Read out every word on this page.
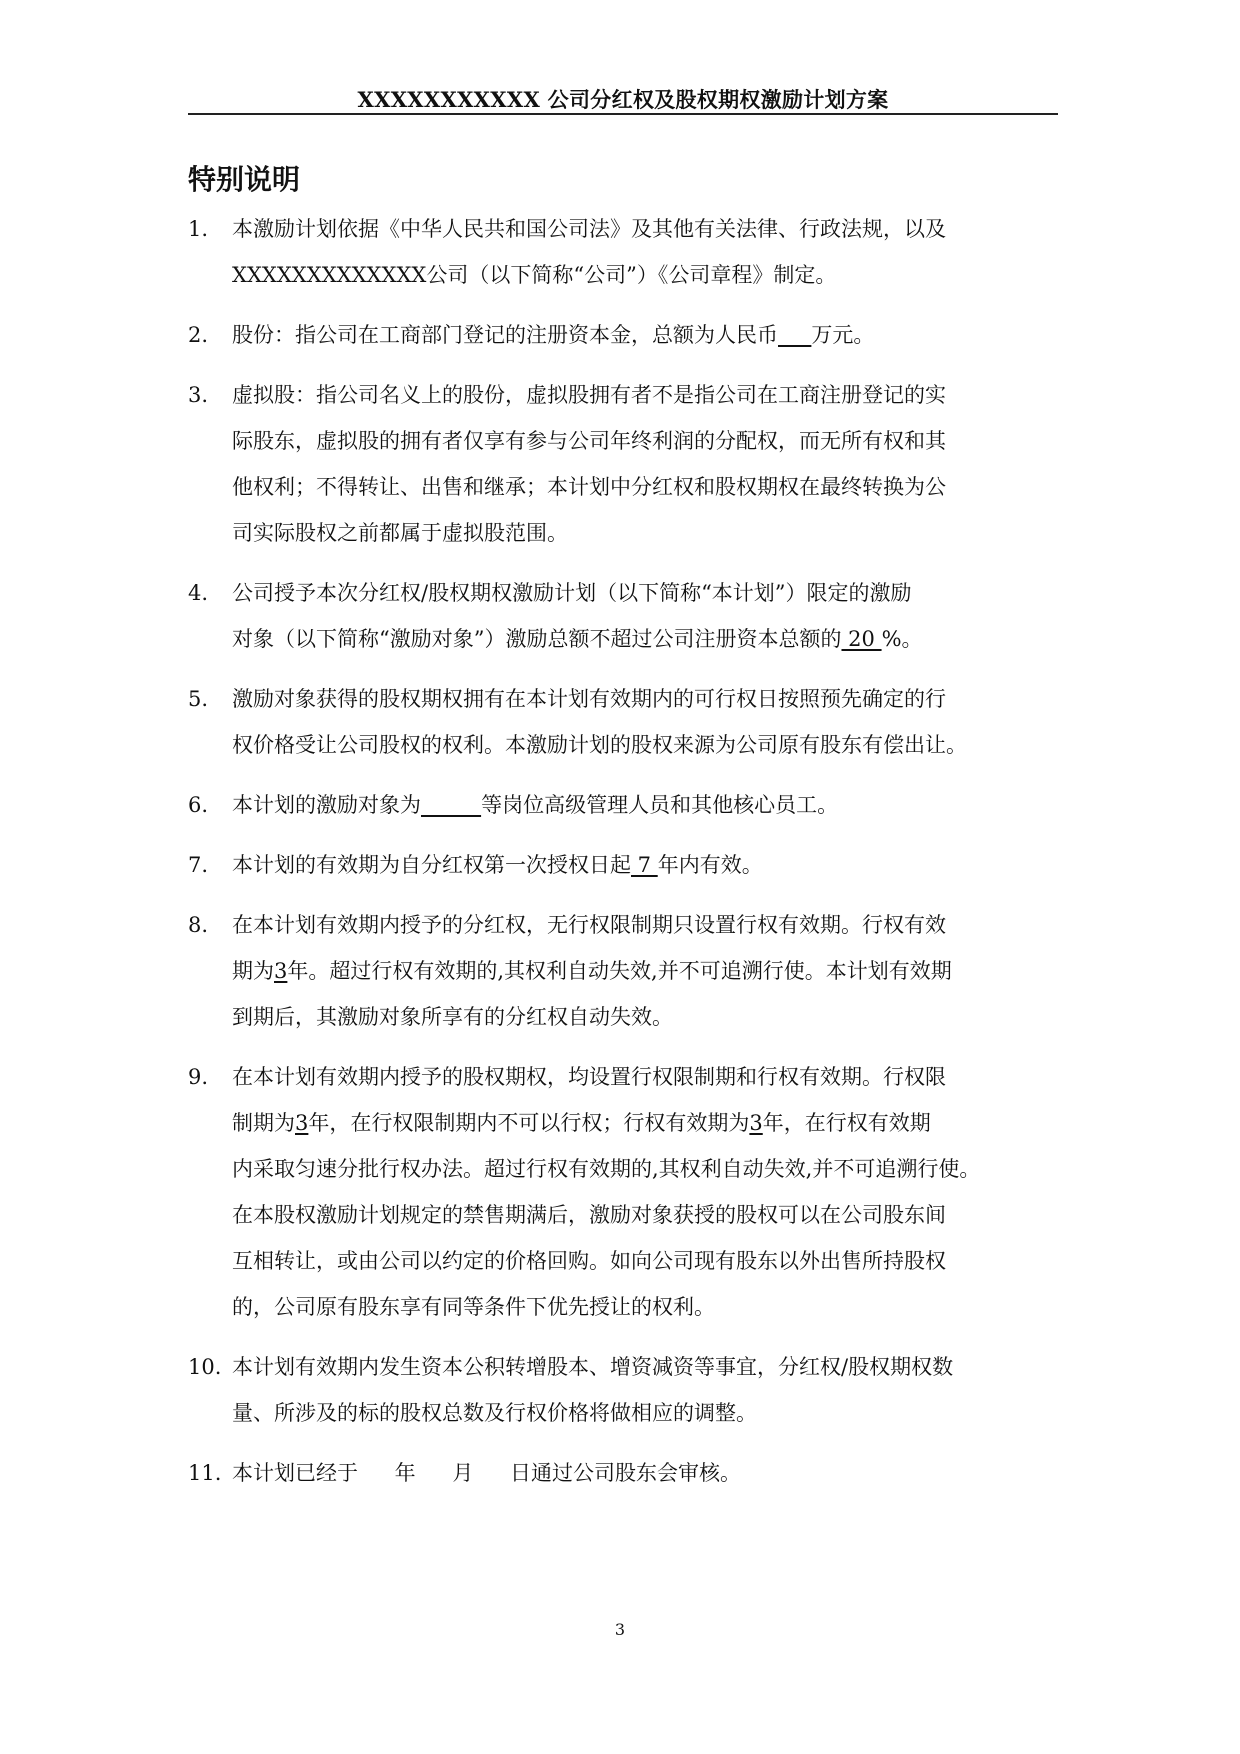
XXXXXXXXXXX 公司分红权及股权期权激励计划方案
特别说明
1. 本激励计划依据《中华人民共和国公司法》及其他有关法律、行政法规，以及
XXXXXXXXXXXXX公司（以下简称“公司”）《公司章程》制定。
2. 股份：指公司在工商部门登记的注册资本金，总额为人民币 万元。
3. 虚拟股：指公司名义上的股份，虚拟股拥有者不是指公司在工商注册登记的实
际股东，虚拟股的拥有者仅享有参与公司年终利润的分配权，而无所有权和其
他权利；不得转让、出售和继承；本计划中分红权和股权期权在最终转换为公
司实际股权之前都属于虚拟股范围。
4. 公司授予本次分红权/股权期权激励计划（以下简称“本计划”）限定的激励
对象（以下简称“激励对象”）激励总额不超过公司注册资本总额的 20 %。
5. 激励对象获得的股权期权拥有在本计划有效期内的可行权日按照预先确定的行
权价格受让公司股权的权利。本激励计划的股权来源为公司原有股东有偿出让。
6. 本计划的激励对象为	等岗位高级管理人员和其他核心员工。
7. 本计划的有效期为自分红权第一次授权日起 7 年内有效。
8. 在本计划有效期内授予的分红权，无行权限制期只设置行权有效期。行权有效
期为3年。超过行权有效期的,其权利自动失效,并不可追溯行使。本计划有效期
到期后，其激励对象所享有的分红权自动失效。
9. 在本计划有效期内授予的股权期权，均设置行权限制期和行权有效期。行权限
制期为3年，在行权限制期内不可以行权；行权有效期为3年，在行权有效期
内采取匀速分批行权办法。超过行权有效期的,其权利自动失效,并不可追溯行使。
在本股权激励计划规定的禁售期满后，激励对象获授的股权可以在公司股东间
互相转让，或由公司以约定的价格回购。如向公司现有股东以外出售所持股权
的，公司原有股东享有同等条件下优先授让的权利。
10. 本计划有效期内发生资本公积转增股本、增资减资等事宜，分红权/股权期权数
量、所涉及的标的股权总数及行权价格将做相应的调整。
11. 本计划已经于 年 月 日通过公司股东会审核。
3
